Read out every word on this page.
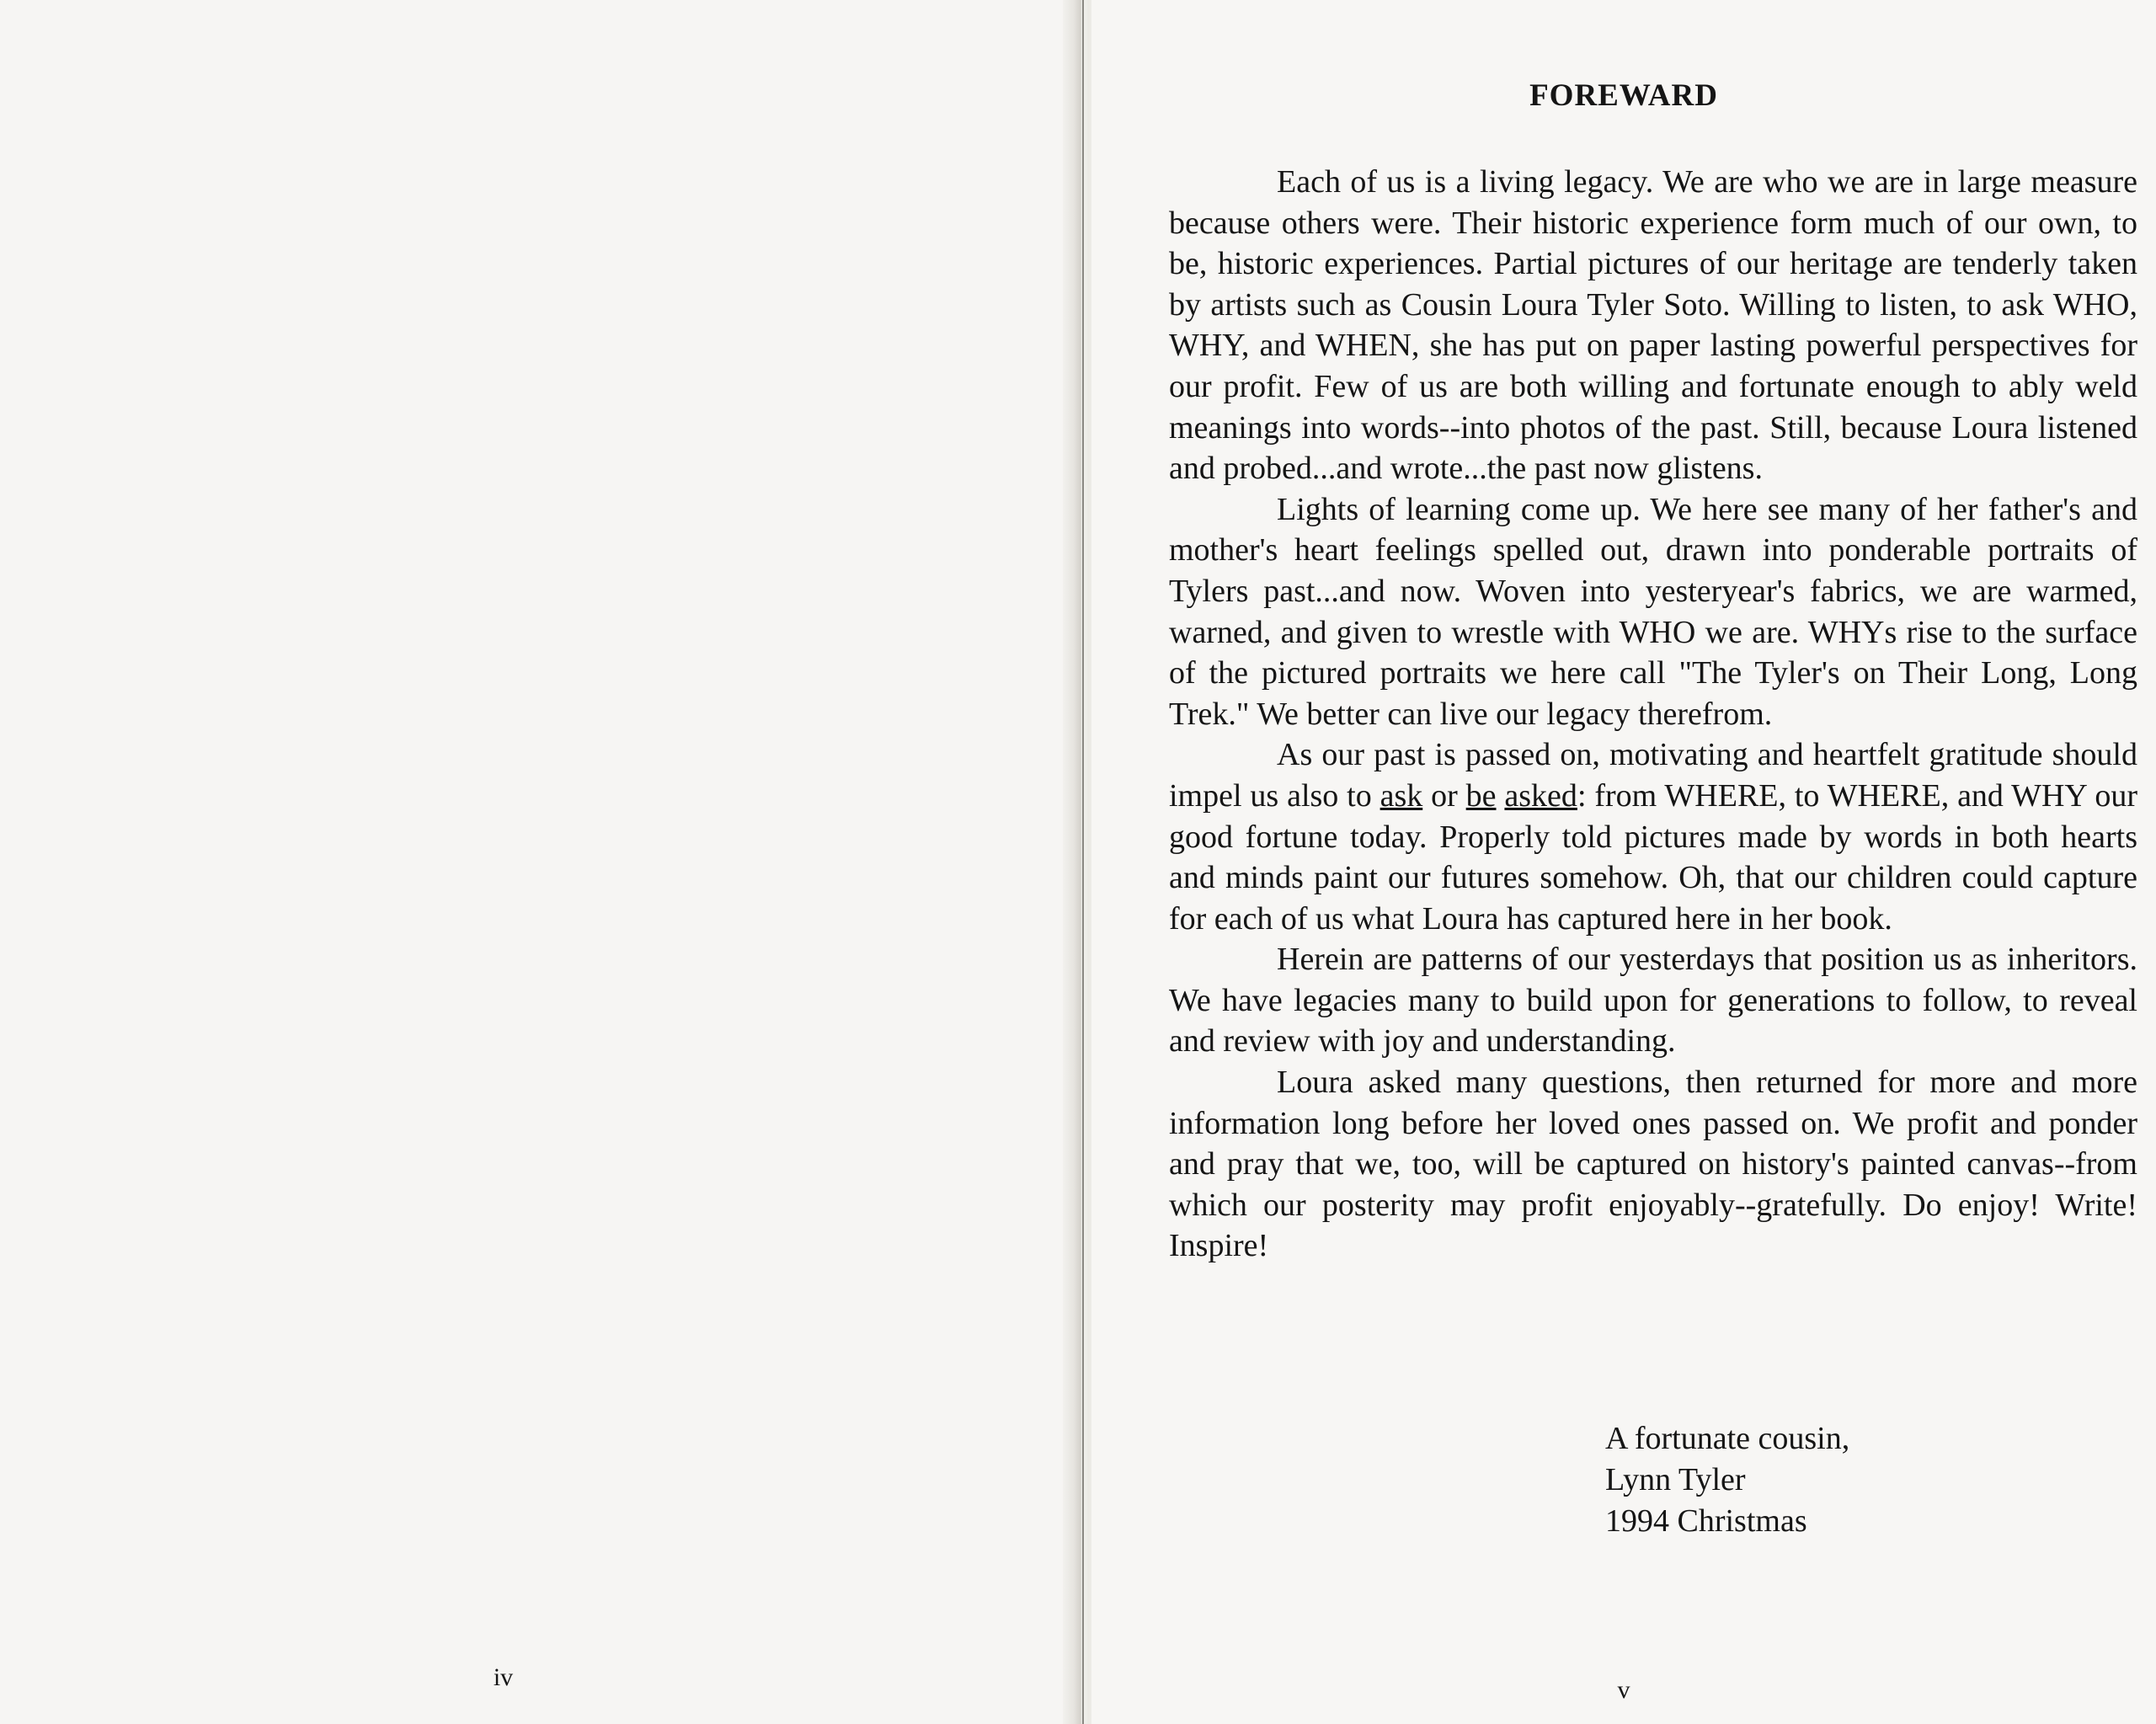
iv
FOREWARD

Each of us is a living legacy. We are who we are in large measure because others were. Their historic experience form much of our own, to be, historic experiences. Partial pictures of our heritage are tenderly taken by artists such as Cousin Loura Tyler Soto. Willing to listen, to ask WHO, WHY, and WHEN, she has put on paper lasting powerful perspectives for our profit. Few of us are both willing and fortunate enough to ably weld meanings into words--into photos of the past. Still, because Loura listened and probed...and wrote...the past now glistens.

Lights of learning come up. We here see many of her father's and mother's heart feelings spelled out, drawn into ponderable portraits of Tylers past...and now. Woven into yesteryear's fabrics, we are warmed, warned, and given to wrestle with WHO we are. WHYs rise to the surface of the pictured portraits we here call "The Tyler's on Their Long, Long Trek." We better can live our legacy therefrom.

As our past is passed on, motivating and heartfelt gratitude should impel us also to ask or be asked: from WHERE, to WHERE, and WHY our good fortune today. Properly told pictures made by words in both hearts and minds paint our futures somehow. Oh, that our children could capture for each of us what Loura has captured here in her book.

Herein are patterns of our yesterdays that position us as inheritors. We have legacies many to build upon for generations to follow, to reveal and review with joy and understanding.

Loura asked many questions, then returned for more and more information long before her loved ones passed on. We profit and ponder and pray that we, too, will be captured on history's painted canvas--from which our posterity may profit enjoyably--gratefully. Do enjoy! Write! Inspire!

A fortunate cousin,
Lynn Tyler
1994 Christmas
v
